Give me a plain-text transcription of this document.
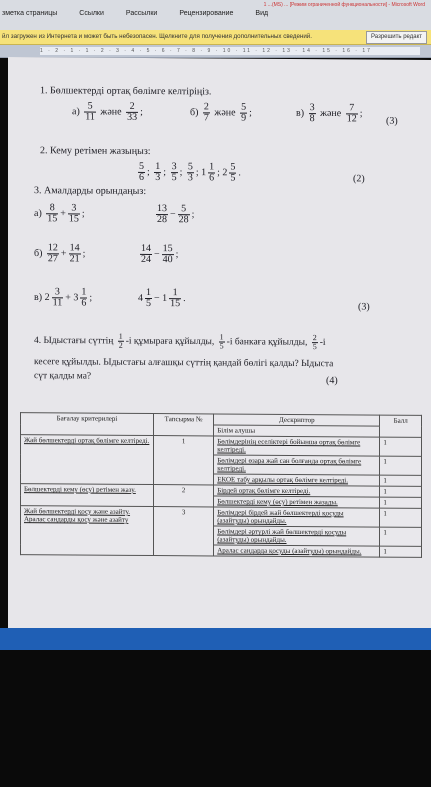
зметка страницы	Ссылки	Рассылки	Рецензирование	Вид
1 ...(MS) ... [Режим ограниченной функциональности] - Microsoft Word
йл загружен из Интернета и может быть небезопасен. Щелкните для получения дополнительных сведений.	Разрешить редакт
1 · 2 · 1 · 1 · 2 · 3 · 4 · 5 · 6 · 7 · 8 · 9 · 10 · 11 · 12 · 13 · 14 · 15 · 16 · 17
1. Бөлшектерді ортақ бөлімге келтіріңіз.
$а) \frac{5}{11}$ және $\frac{2}{33}$ ;	$б) \frac{2}{7}$ және $\frac{5}{9}$ ;	$в) \frac{3}{8}$ және $\frac{7}{12}$ ;
(3)
2. Кему ретімен жазыңыз:
$\frac{5}{6}$ ; $\frac{1}{3}$ ; $\frac{3}{5}$ ; $\frac{5}{3}$ ; $1 \frac{1}{6}$ ; $2 \frac{5}{5}$ .
(2)
3. Амалдарды орындаңыз:
$а) \frac{8}{15} + \frac{3}{15}$ ;	$\frac{13}{28} - \frac{5}{28}$ ;
$б) \frac{12}{27} + \frac{14}{21}$ ;	$\frac{14}{24} - \frac{15}{40}$ ;
в) $2 \frac{3}{11} + 3 \frac{1}{6}$ ;	$4 \frac{1}{5} - 1 \frac{1}{15}$ .
(3)
4. Ыдыстағы сүттің $\frac{1}{2} -і$ құмыраға құйылды, $\frac{1}{5} -і$ банкаға құйылды, $\frac{2}{5} -і$
кесеге құйылды. Ыдыстағы алғашқы сүттің қандай бөлігі қалды? Ыдыста
сүт қалды ма?	(4)
Бағалау критерилері	Тапсырма №	Дескриптор	Балл
		Білім алушы	
Жай бөлшектерді ортақ бөлімге келтіреді.	1	Бөлімдерінің еселіктері бойынша ортақ бөлімге келтіреді.	1
		Бөлімдері өзара жай сан болғанда ортақ бөлімге келтіреді.	1
		ЕКОЕ табу арқылы ортақ бөлімге келтіреді.	1
Бөлшектерді кему (өсу) ретімен жазу.	2	Бірдей ортақ бөлімге келтіреді.	1
		Бөлшектерді кему (өсу) ретімен жазады.	1
Жай бөлшектерді қосу және азайту.
Аралас сандарды қосу және азайту	3	Бөлімдері бірдей жай бөлшектерді қосуды (азайтуды) орындайды.	1
		Бөлімдері әртүрлі жай бөлшектерді қосуды (азайтуды) орындайды.	1
		Аралас сандарда қосуды (азайтуды) орындайды.	1
